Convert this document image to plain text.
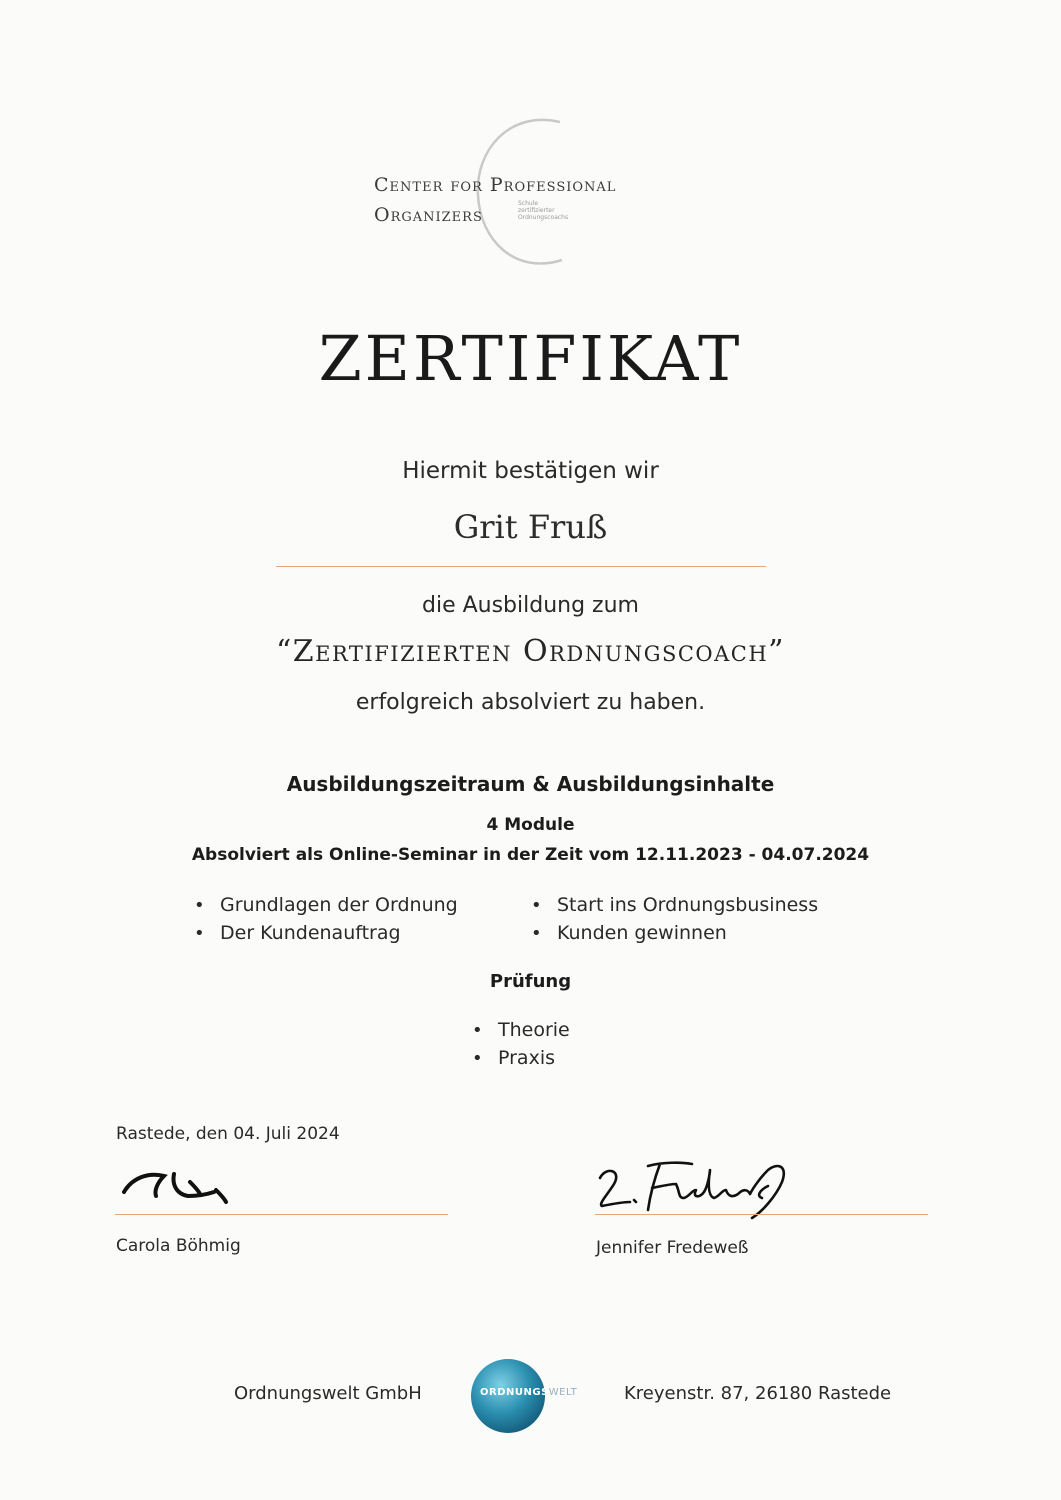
Center for Professional
Organizers
Schule
zertifizierter
Ordnungscoachs
ZERTIFIKAT
Hiermit bestätigen wir
Grit Fruß
die Ausbildung zum
“Zertifizierten Ordnungscoach”
erfolgreich absolviert zu haben.
Ausbildungszeitraum & Ausbildungsinhalte
4 Module
Absolviert als Online-Seminar in der Zeit vom 12.11.2023 - 04.07.2024
• Grundlagen der Ordnung
• Der Kundenauftrag
• Start ins Ordnungsbusiness
• Kunden gewinnen
Prüfung
• Theorie
• Praxis
Rastede, den 04. Juli 2024
Carola Böhmig	Jennifer Fredeweß
Ordnungswelt GmbH	ORDNUNGSWELT	Kreyenstr. 87, 26180 Rastede
